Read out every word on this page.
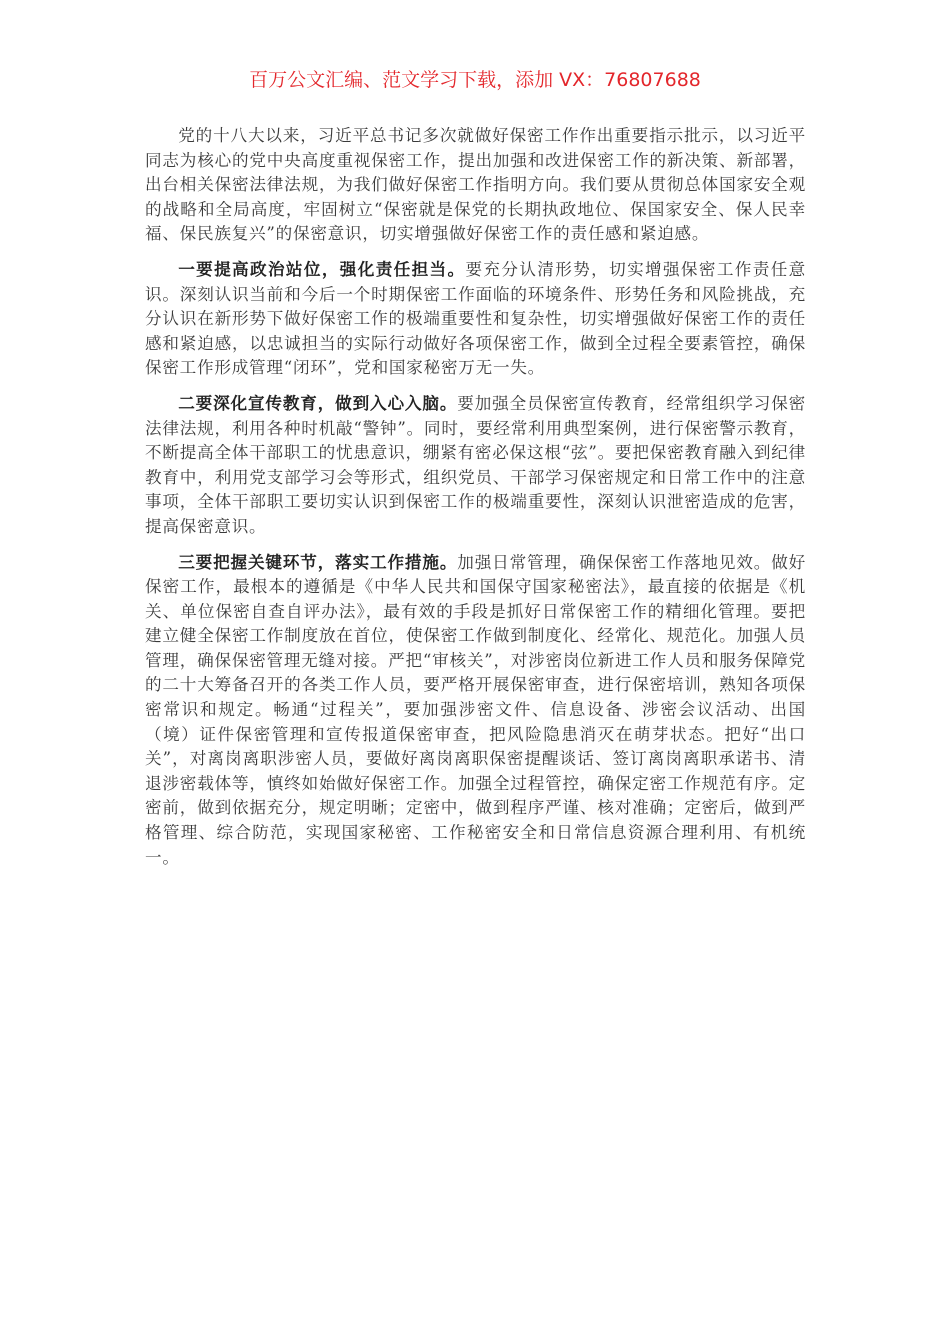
百万公文汇编、范文学习下载，添加 VX：76807688

党的十八大以来，习近平总书记多次就做好保密工作作出重要指示批示，以习近平同志为核心的党中央高度重视保密工作，提出加强和改进保密工作的新决策、新部署，出台相关保密法律法规，为我们做好保密工作指明方向。我们要从贯彻总体国家安全观的战略和全局高度，牢固树立“保密就是保党的长期执政地位、保国家安全、保人民幸福、保民族复兴”的保密意识，切实增强做好保密工作的责任感和紧迫感。

一要提高政治站位，强化责任担当。要充分认清形势，切实增强保密工作责任意识。深刻认识当前和今后一个时期保密工作面临的环境条件、形势任务和风险挑战，充分认识在新形势下做好保密工作的极端重要性和复杂性，切实增强做好保密工作的责任感和紧迫感，以忠诚担当的实际行动做好各项保密工作，做到全过程全要素管控，确保保密工作形成管理“闭环”，党和国家秘密万无一失。

二要深化宣传教育，做到入心入脑。要加强全员保密宣传教育，经常组织学习保密法律法规，利用各种时机敲“警钟”。同时，要经常利用典型案例，进行保密警示教育，不断提高全体干部职工的忧患意识，绷紧有密必保这根“弦”。要把保密教育融入到纪律教育中，利用党支部学习会等形式，组织党员、干部学习保密规定和日常工作中的注意事项，全体干部职工要切实认识到保密工作的极端重要性，深刻认识泄密造成的危害，提高保密意识。

三要把握关键环节，落实工作措施。加强日常管理，确保保密工作落地见效。做好保密工作，最根本的遵循是《中华人民共和国保守国家秘密法》，最直接的依据是《机关、单位保密自查自评办法》，最有效的手段是抓好日常保密工作的精细化管理。要把建立健全保密工作制度放在首位，使保密工作做到制度化、经常化、规范化。加强人员管理，确保保密管理无缝对接。严把“审核关”，对涉密岗位新进工作人员和服务保障党的二十大筹备召开的各类工作人员，要严格开展保密审查，进行保密培训，熟知各项保密常识和规定。畅通“过程关”，要加强涉密文件、信息设备、涉密会议活动、出国（境）证件保密管理和宣传报道保密审查，把风险隐患消灭在萌芽状态。把好“出口关”，对离岗离职涉密人员，要做好离岗离职保密提醒谈话、签订离岗离职承诺书、清退涉密载体等，慎终如始做好保密工作。加强全过程管控，确保定密工作规范有序。定密前，做到依据充分，规定明晰；定密中，做到程序严谨、核对准确；定密后，做到严格管理、综合防范，实现国家秘密、工作秘密安全和日常信息资源合理利用、有机统一。
